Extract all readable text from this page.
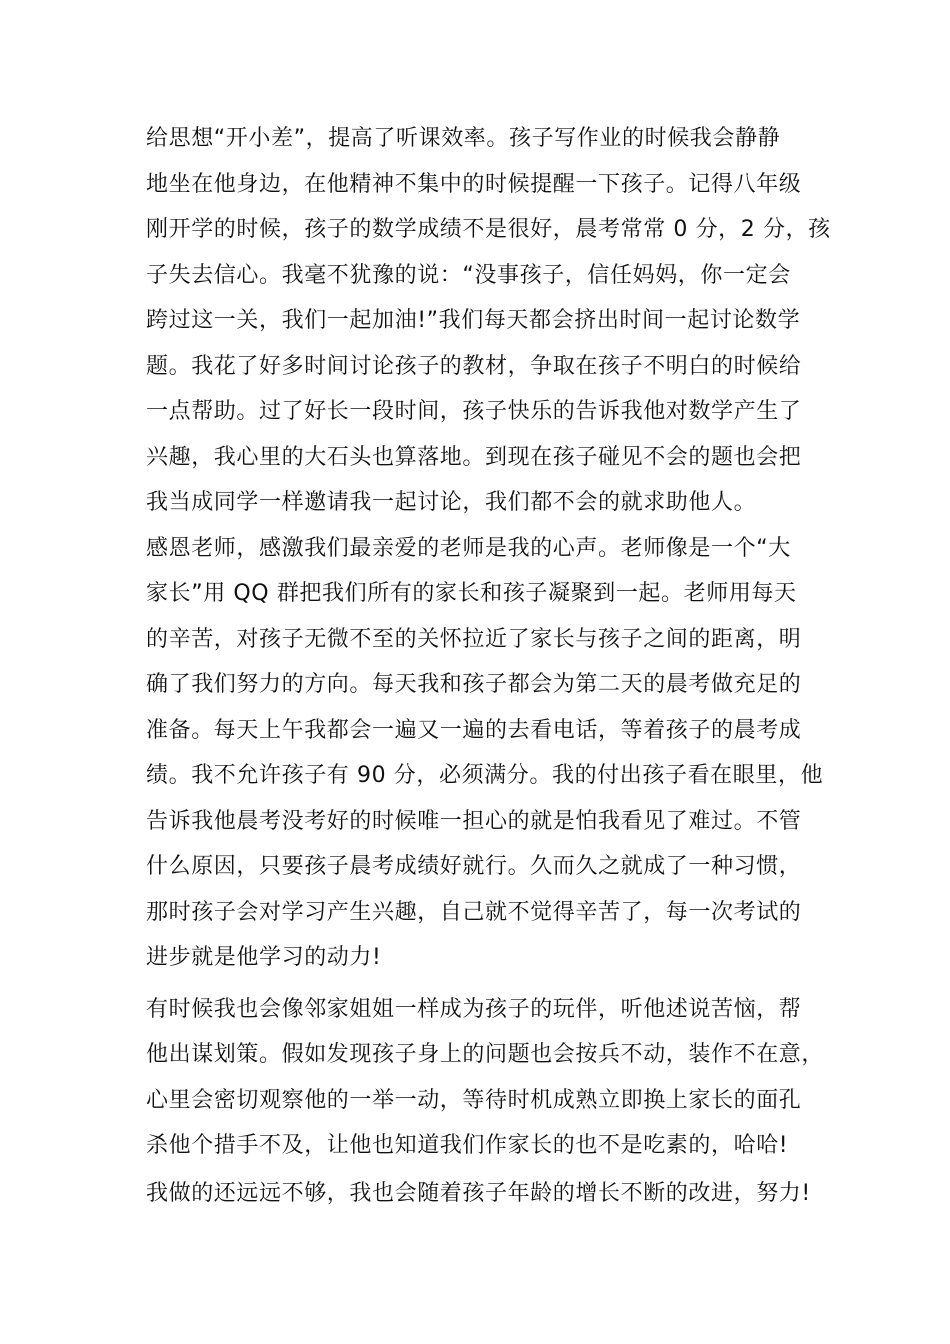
给思想“开小差”，提高了听课效率。孩子写作业的时候我会静静
地坐在他身边，在他精神不集中的时候提醒一下孩子。记得八年级
刚开学的时候，孩子的数学成绩不是很好，晨考常常 0 分，2 分，孩
子失去信心。我毫不犹豫的说：“没事孩子，信任妈妈，你一定会
跨过这一关，我们一起加油!”我们每天都会挤出时间一起讨论数学
题。我花了好多时间讨论孩子的教材，争取在孩子不明白的时候给
一点帮助。过了好长一段时间，孩子快乐的告诉我他对数学产生了
兴趣，我心里的大石头也算落地。到现在孩子碰见不会的题也会把
我当成同学一样邀请我一起讨论，我们都不会的就求助他人。
感恩老师，感激我们最亲爱的老师是我的心声。老师像是一个“大
家长”用 QQ 群把我们所有的家长和孩子凝聚到一起。老师用每天
的辛苦，对孩子无微不至的关怀拉近了家长与孩子之间的距离，明
确了我们努力的方向。每天我和孩子都会为第二天的晨考做充足的
准备。每天上午我都会一遍又一遍的去看电话，等着孩子的晨考成
绩。我不允许孩子有 90 分，必须满分。我的付出孩子看在眼里，他
告诉我他晨考没考好的时候唯一担心的就是怕我看见了难过。不管
什么原因，只要孩子晨考成绩好就行。久而久之就成了一种习惯，
那时孩子会对学习产生兴趣，自己就不觉得辛苦了，每一次考试的
进步就是他学习的动力!
有时候我也会像邻家姐姐一样成为孩子的玩伴，听他述说苦恼，帮
他出谋划策。假如发现孩子身上的问题也会按兵不动，装作不在意，
心里会密切观察他的一举一动，等待时机成熟立即换上家长的面孔
杀他个措手不及，让他也知道我们作家长的也不是吃素的，哈哈!
我做的还远远不够，我也会随着孩子年龄的增长不断的改进，努力!
